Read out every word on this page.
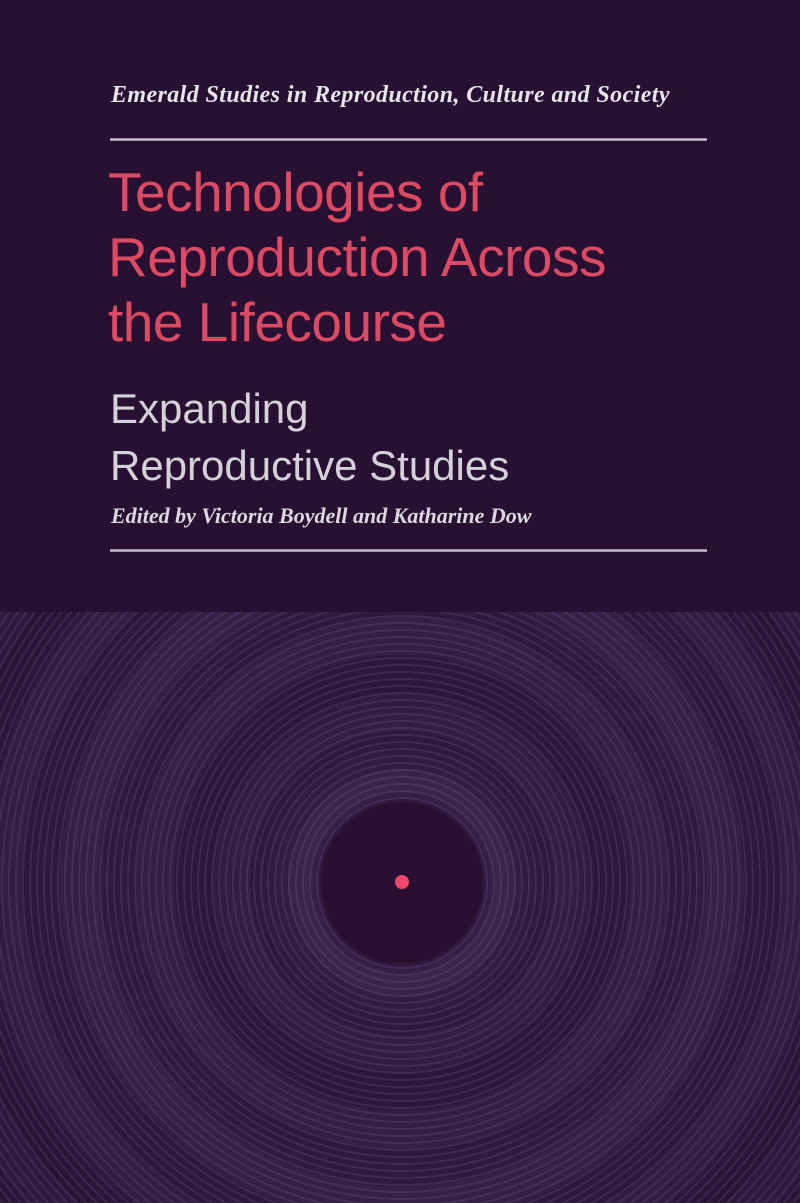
Emerald Studies in Reproduction, Culture and Society
Technologies of
Reproduction Across
the Lifecourse
Expanding
Reproductive Studies
Edited by Victoria Boydell and Katharine Dow
